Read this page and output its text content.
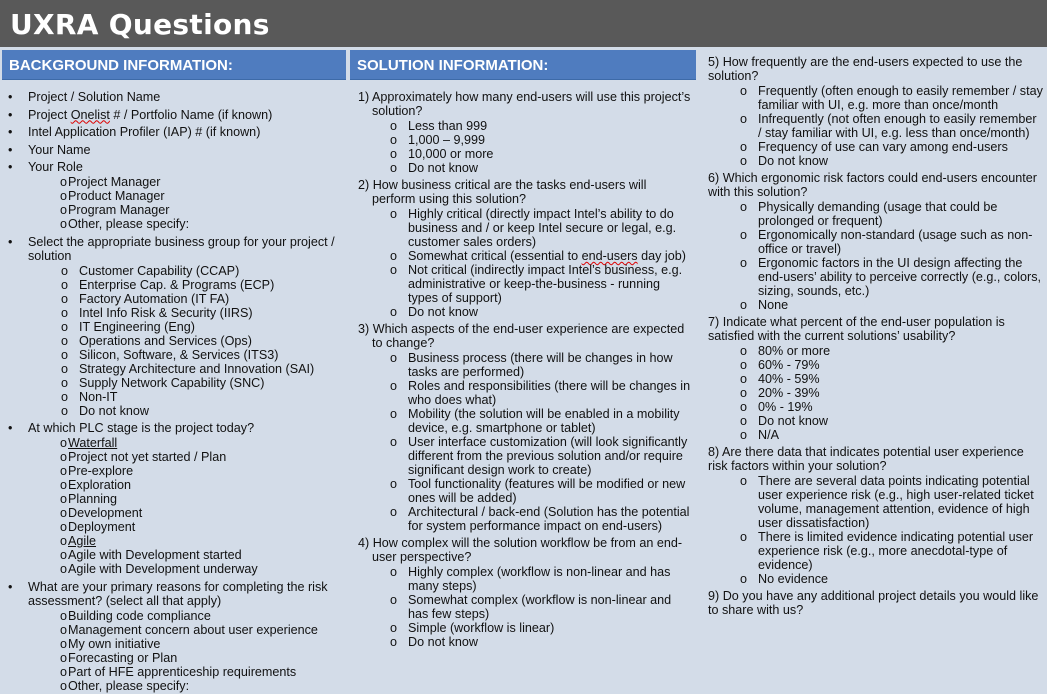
UXRA Questions
BACKGROUND INFORMATION:
• Project / Solution Name
• Project Onelist # / Portfolio Name (if known)
• Intel Application Profiler (IAP) # (if known)
• Your Name
• Your Role
o Project Manager
o Product Manager
o Program Manager
o Other, please specify:
• Select the appropriate business group for your project / solution
o Customer Capability (CCAP)
o Enterprise Cap. & Programs (ECP)
o Factory Automation (IT FA)
o Intel Info Risk & Security (IIRS)
o IT Engineering (Eng)
o Operations and Services (Ops)
o Silicon, Software, & Services (ITS3)
o Strategy Architecture and Innovation (SAI)
o Supply Network Capability (SNC)
o Non-IT
o Do not know
• At which PLC stage is the project today?
o Waterfall
o Project not yet started / Plan
o Pre-explore
o Exploration
o Planning
o Development
o Deployment
o Agile
o Agile with Development started
o Agile with Development underway
• What are your primary reasons for completing the risk assessment? (select all that apply)
o Building code compliance
o Management concern about user experience
o My own initiative
o Forecasting or Plan
o Part of HFE apprenticeship requirements
o Other, please specify:
SOLUTION INFORMATION:
1) Approximately how many end-users will use this project’s solution?
o Less than 999
o 1,000 – 9,999
o 10,000 or more
o Do not know
2) How business critical are the tasks end-users will perform using this solution?
o Highly critical (directly impact Intel’s ability to do business and / or keep Intel secure or legal, e.g. customer sales orders)
o Somewhat critical (essential to end-users day job)
o Not critical (indirectly impact Intel’s business, e.g. administrative or keep-the-business - running types of support)
o Do not know
3) Which aspects of the end-user experience are expected to change?
o Business process (there will be changes in how tasks are performed)
o Roles and responsibilities (there will be changes in who does what)
o Mobility (the solution will be enabled in a mobility device, e.g. smartphone or tablet)
o User interface customization (will look significantly different from the previous solution and/or require significant design work to create)
o Tool functionality (features will be modified or new ones will be added)
o Architectural / back-end (Solution has the potential for system performance impact on end-users)
4) How complex will the solution workflow be from an end-user perspective?
o Highly complex (workflow is non-linear and has many steps)
o Somewhat complex (workflow is non-linear and has few steps)
o Simple (workflow is linear)
o Do not know
5) How frequently are the end-users expected to use the solution?
o Frequently (often enough to easily remember / stay familiar with UI, e.g. more than once/month
o Infrequently (not often enough to easily remember / stay familiar with UI, e.g. less than once/month)
o Frequency of use can vary among end-users
o Do not know
6) Which ergonomic risk factors could end-users encounter with this solution?
o Physically demanding (usage that could be prolonged or frequent)
o Ergonomically non-standard (usage such as non-office or travel)
o Ergonomic factors in the UI design affecting the end-users’ ability to perceive correctly (e.g., colors, sizing, sounds, etc.)
o None
7) Indicate what percent of the end-user population is satisfied with the current solutions’ usability?
o 80% or more
o 60% - 79%
o 40% - 59%
o 20% - 39%
o 0% - 19%
o Do not know
o N/A
8) Are there data that indicates potential user experience risk factors within your solution?
o There are several data points indicating potential user experience risk (e.g., high user-related ticket volume, management attention, evidence of high user dissatisfaction)
o There is limited evidence indicating potential user experience risk (e.g., more anecdotal-type of evidence)
o No evidence
9) Do you have any additional project details you would like to share with us?
